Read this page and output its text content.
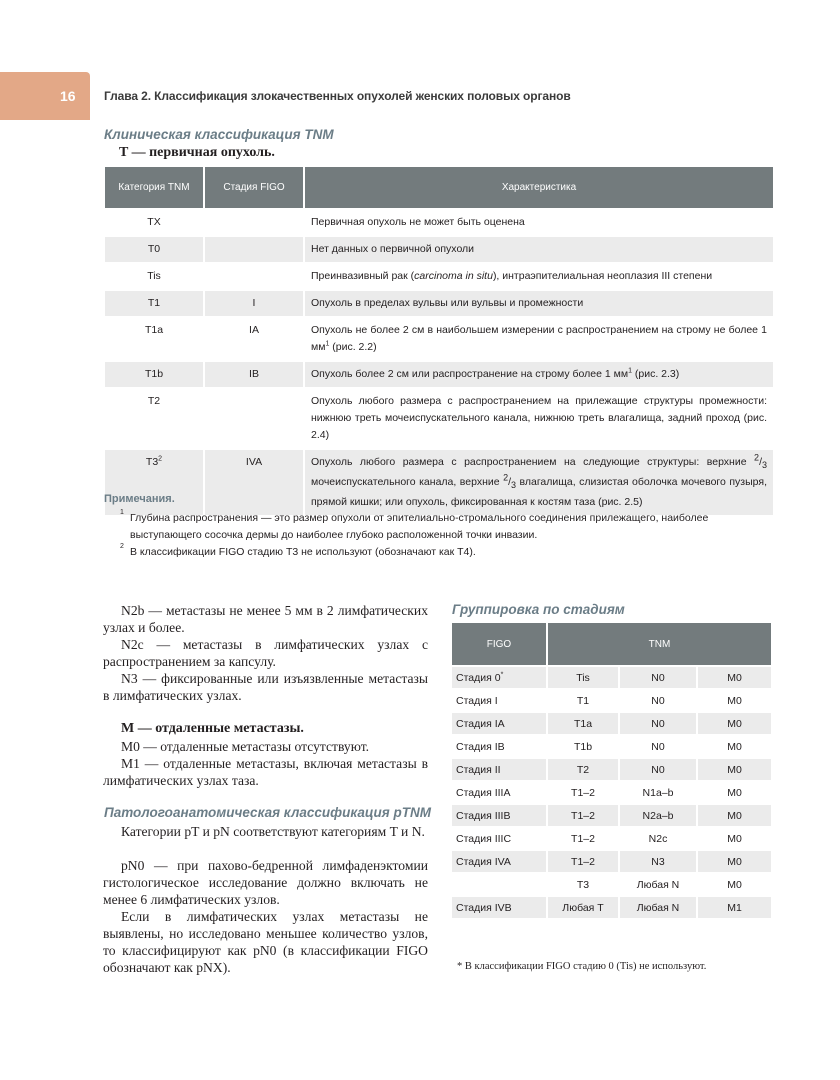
16 Глава 2. Классификация злокачественных опухолей женских половых органов
Клиническая классификация TNM
T — первичная опухоль.
Категория TNM	Стадия FIGO	Характеристика
TX		Первичная опухоль не может быть оценена
T0		Нет данных о первичной опухоли
Tis		Преинвазивный рак (carcinoma in situ), интраэпителиальная неоплазия III степени
T1	I	Опухоль в пределах вульвы или вульвы и промежности
T1a	IA	Опухоль не более 2 см в наибольшем измерении с распространением на строму не более 1 $мм^1$ (рис. 2.2)
T1b	IB	Опухоль более 2 см или распространение на строму более 1 $мм^1$ (рис. 2.3)
T2		Опухоль любого размера с распространением на прилежащие структуры промежности: нижнюю треть мочеиспускательного канала, нижнюю треть влагалища, задний проход (рис. 2.4)
$T3^2$	IVA	Опухоль любого размера с распространением на следующие структуры: верхние $^2/_3$ мочеиспускательного канала, верхние $^2/_3$ влагалища, слизистая оболочка мочевого пузыря, прямой кишки; или опухоль, фиксированная к костям таза (рис. 2.5)
Примечания.
1 Глубина распространения — это размер опухоли от эпителиально-стромального соединения прилежащего, наиболее выступающего сосочка дермы до наиболее глубоко расположенной точки инвазии.
2 В классификации FIGO стадию T3 не используют (обозначают как T4).

N2b — метастазы не менее 5 мм в 2 лимфатических узлах и более.

N2c — метастазы в лимфатических узлах с распространением за капсулу.

N3 — фиксированные или изъязвленные метастазы в лимфатических узлах.

M — отдаленные метастазы.

M0 — отдаленные метастазы отсутствуют.

M1 — отдаленные метастазы, включая метастазы в лимфатических узлах таза.

Патологоанатомическая классификация pTNM

Категории pT и pN соответствуют категориям T и N.

pN0 — при пахово-бедренной лимфаденэктомии гистологическое исследование должно включать не менее 6 лимфатических узлов.

Если в лимфатических узлах метастазы не выявлены, но исследовано меньшее количество узлов, то классифицируют как pN0 (в классификации FIGO обозначают как pNX).

Группировка по стадиям
FIGO	TNM		
Стадия 0*	Tis	N0	M0
Стадия I	T1	N0	M0
Стадия IA	T1a	N0	M0
Стадия IB	T1b	N0	M0
Стадия II	T2	N0	M0
Стадия IIIA	T1–2	N1a–b	M0
Стадия IIIB	T1–2	N2a–b	M0
Стадия IIIC	T1–2	N2c	M0
Стадия IVA	T1–2	N3	M0
	T3	Любая N	M0
Стадия IVB	Любая T	Любая N	M1
* В классификации FIGO стадию 0 (Tis) не используют.
